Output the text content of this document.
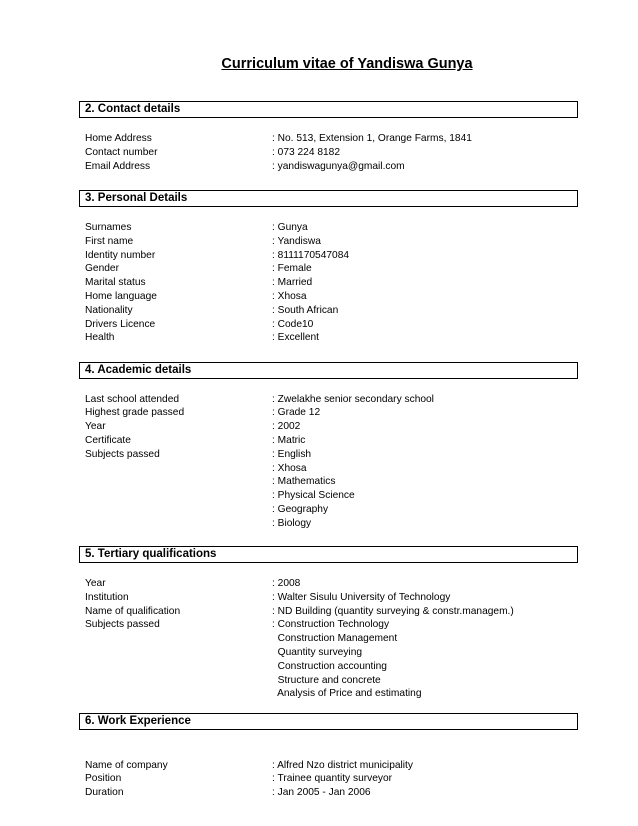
Curriculum vitae of Yandiswa Gunya
2. Contact details
3. Personal Details
4. Academic details
5. Tertiary qualifications
6. Work Experience
Home Address	: No. 513, Extension 1, Orange Farms, 1841
Contact number	: 073 224 8182
Email Address	: yandiswagunya@gmail.com
Surnames	: Gunya
First name	: Yandiswa
Identity number	: 8111170547084
Gender	: Female
Marital status	: Married
Home language	: Xhosa
Nationality	: South African
Drivers Licence	: Code10
Health	: Excellent
Last school attended	: Zwelakhe senior secondary school
Highest grade passed	: Grade 12
Year	: 2002
Certificate	: Matric
Subjects passed	: English
: Xhosa
: Mathematics
: Physical Science
: Geography
: Biology
Year	: 2008
Institution	: Walter Sisulu University of Technology
Name of qualification	: ND Building (quantity surveying & constr.managem.)
Subjects passed	: Construction Technology
Construction Management
Quantity surveying
Construction accounting
Structure and concrete
Analysis of Price and estimating
Name of company	: Alfred Nzo district municipality
Position	: Trainee quantity surveyor
Duration	: Jan 2005 - Jan 2006
